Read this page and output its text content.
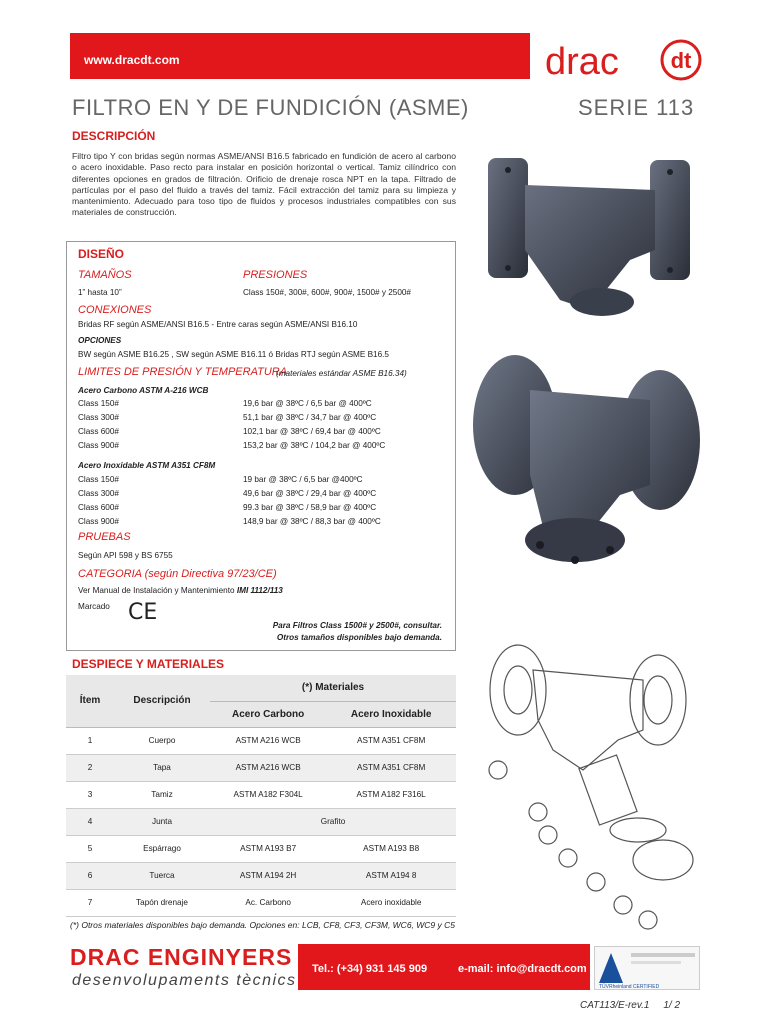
www.dracdt.com	drac dt
FILTRO EN Y DE FUNDICIÓN (ASME)	SERIE 113
DESCRIPCIÓN
Filtro tipo Y con bridas según normas ASME/ANSI B16.5 fabricado en fundición de acero al carbono o acero inoxidable. Paso recto para instalar en posición horizontal o vertical. Tamiz cilíndrico con diferentes opciones en grados de filtración. Orificio de drenaje rosca NPT en la tapa. Filtrado de partículas por el paso del fluido a través del tamiz. Fácil extracción del tamiz para su limpieza y mantenimiento. Adecuado para toso tipo de fluidos y procesos industriales compatibles con sus materiales de construcción.
DISEÑO
TAMAÑOS
1” hasta 10”
PRESIONES
Class 150#, 300#, 600#, 900#, 1500# y 2500#
CONEXIONES
Bridas RF según ASME/ANSI B16.5 - Entre caras según ASME/ANSI B16.10
OPCIONES
BW según ASME B16.25 , SW según ASME B16.11 ó Bridas RTJ según ASME B16.5
LIMITES DE PRESIÓN Y TEMPERATURA
(materiales estándar ASME B16.34)
Acero Carbono ASTM A-216 WCB
Class 150#	19,6 bar @ 38ºC / 6,5 bar @ 400ºC
Class 300#	51,1 bar @ 38ºC / 34,7 bar @ 400ºC
Class 600#	102,1 bar @ 38ºC / 69,4 bar @ 400ºC
Class 900#	153,2 bar @ 38ºC / 104,2 bar @ 400ºC
Acero Inoxidable ASTM A351 CF8M
Class 150#	19 bar @ 38ºC / 6,5 bar @400ºC
Class 300#	49,6 bar @ 38ºC / 29,4 bar @ 400ºC
Class 600#	99.3 bar @ 38ºC / 58,9 bar @ 400ºC
Class 900#	148,9 bar @ 38ºC / 88,3 bar @ 400ºC
PRUEBAS
Según API 598 y BS 6755
CATEGORIA (según Directiva 97/23/CE)
Ver Manual de Instalación y Mantenimiento IMI 1112/113
Marcado CE
Para Filtros Class 1500# y 2500#, consultar.
Otros tamaños disponibles bajo demanda.
DESPIECE Y MATERIALES
Ítem	Descripción	(*) Materiales	
		Acero Carbono	Acero Inoxidable
1	Cuerpo	ASTM A216 WCB	ASTM A351 CF8M
2	Tapa	ASTM A216 WCB	ASTM A351 CF8M
3	Tamiz	ASTM A182 F304L	ASTM A182 F316L
4	Junta	Grafito	
5	Espárrago	ASTM A193 B7	ASTM A193 B8
6	Tuerca	ASTM A194 2H	ASTM A194 8
7	Tapón drenaje	Ac. Carbono	Acero inoxidable
(*) Otros materiales disponibles bajo demanda. Opciones en: LCB, CF8, CF3, CF3M, WC6, WC9 y C5
DRAC ENGINYERS
desenvolupaments tècnics
Tel.: (+34) 931 145 909	e-mail: info@dracdt.com
TÜVRheinland CERTIFIED
CAT113/E-rev.1 1/ 2
